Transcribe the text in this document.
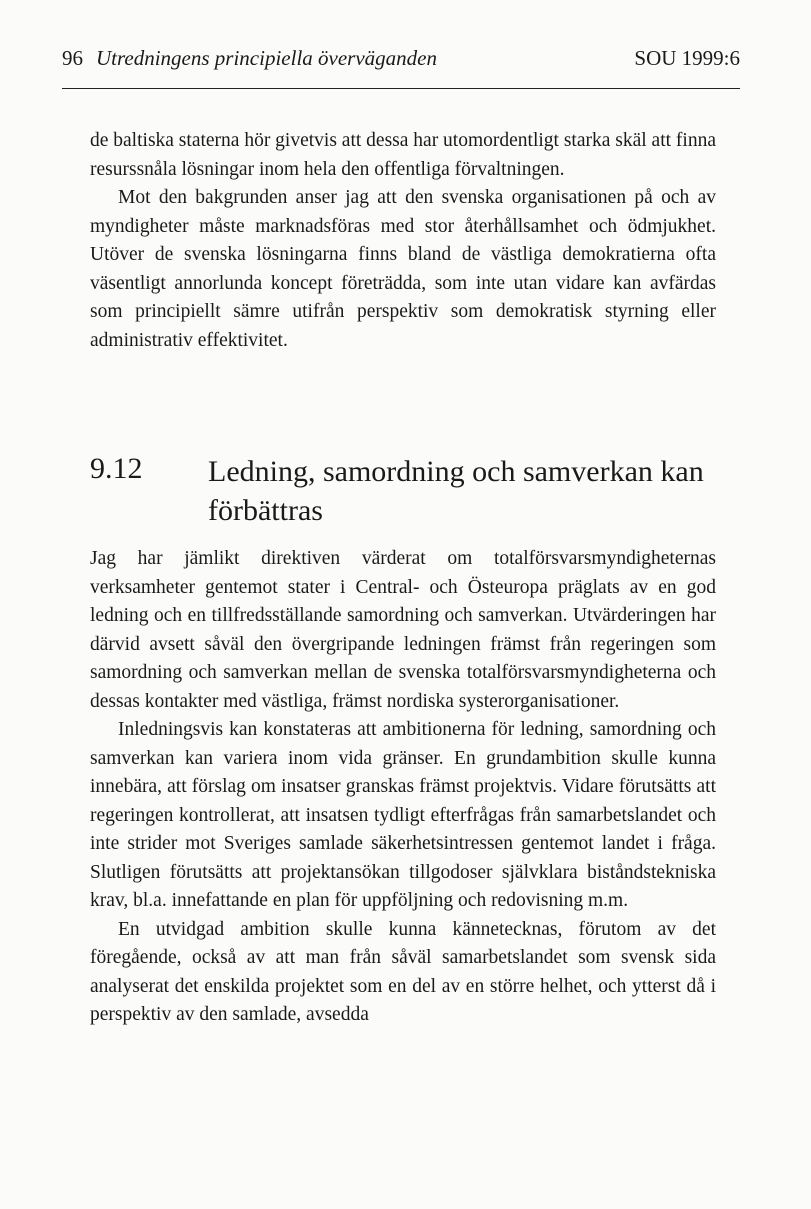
96 Utredningens principiella överväganden	SOU 1999:6

de baltiska staterna hör givetvis att dessa har utomordentligt starka skäl att finna resurssnåla lösningar inom hela den offentliga förvaltningen.

Mot den bakgrunden anser jag att den svenska organisationen på och av myndigheter måste marknadsföras med stor återhållsamhet och ödmjukhet. Utöver de svenska lösningarna finns bland de västliga demokratierna ofta väsentligt annorlunda koncept företrädda, som inte utan vidare kan avfärdas som principiellt sämre utifrån perspektiv som demokratisk styrning eller administrativ effektivitet.

9.12 Ledning, samordning och samverkan kan förbättras

Jag har jämlikt direktiven värderat om totalförsvarsmyndigheternas verksamheter gentemot stater i Central- och Östeuropa präglats av en god ledning och en tillfredsställande samordning och samverkan. Utvärderingen har därvid avsett såväl den övergripande ledningen främst från regeringen som samordning och samverkan mellan de svenska totalförsvarsmyndigheterna och dessas kontakter med västliga, främst nordiska systerorganisationer.

Inledningsvis kan konstateras att ambitionerna för ledning, samordning och samverkan kan variera inom vida gränser. En grundambition skulle kunna innebära, att förslag om insatser granskas främst projektvis. Vidare förutsätts att regeringen kontrollerat, att insatsen tydligt efterfrågas från samarbetslandet och inte strider mot Sveriges samlade säkerhetsintressen gentemot landet i fråga. Slutligen förutsätts att projektansökan tillgodoser självklara biståndstekniska krav, bl.a. innefattande en plan för uppföljning och redovisning m.m.

En utvidgad ambition skulle kunna kännetecknas, förutom av det föregående, också av att man från såväl samarbetslandet som svensk sida analyserat det enskilda projektet som en del av en större helhet, och ytterst då i perspektiv av den samlade, avsedda
